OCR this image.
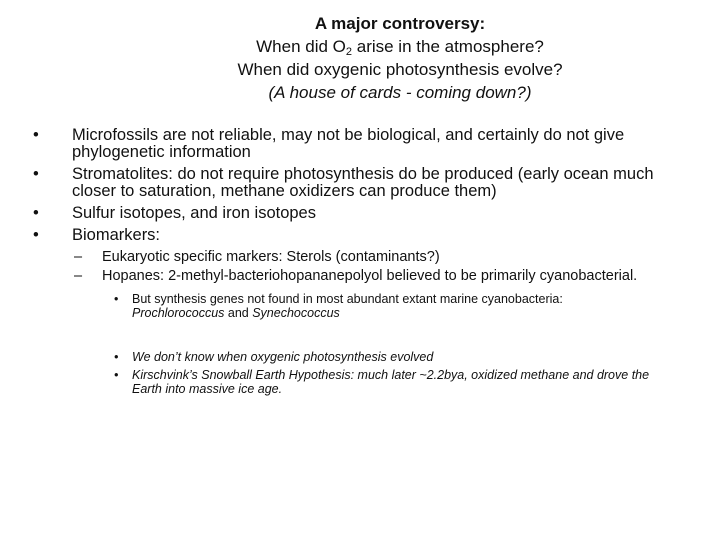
A major controversy:
When did $O_2$ arise in the atmosphere?
When did oxygenic photosynthesis evolve?
(A house of cards - coming down?)
• Microfossils are not reliable, may not be biological, and certainly do not give phylogenetic information
• Stromatolites: do not require photosynthesis do be produced (early ocean much closer to saturation, methane oxidizers can produce them)
• Sulfur isotopes, and iron isotopes
• Biomarkers:
– Eukaryotic specific markers: Sterols (contaminants?)
– Hopanes: 2-methyl-bacteriohopananepolyol believed to be primarily cyanobacterial.
• But synthesis genes not found in most abundant extant marine cyanobacteria: Prochlorococcus and Synechococcus
• We don’t know when oxygenic photosynthesis evolved
• Kirschvink’s Snowball Earth Hypothesis: much later ~2.2bya, oxidized methane and drove the Earth into massive ice age.
